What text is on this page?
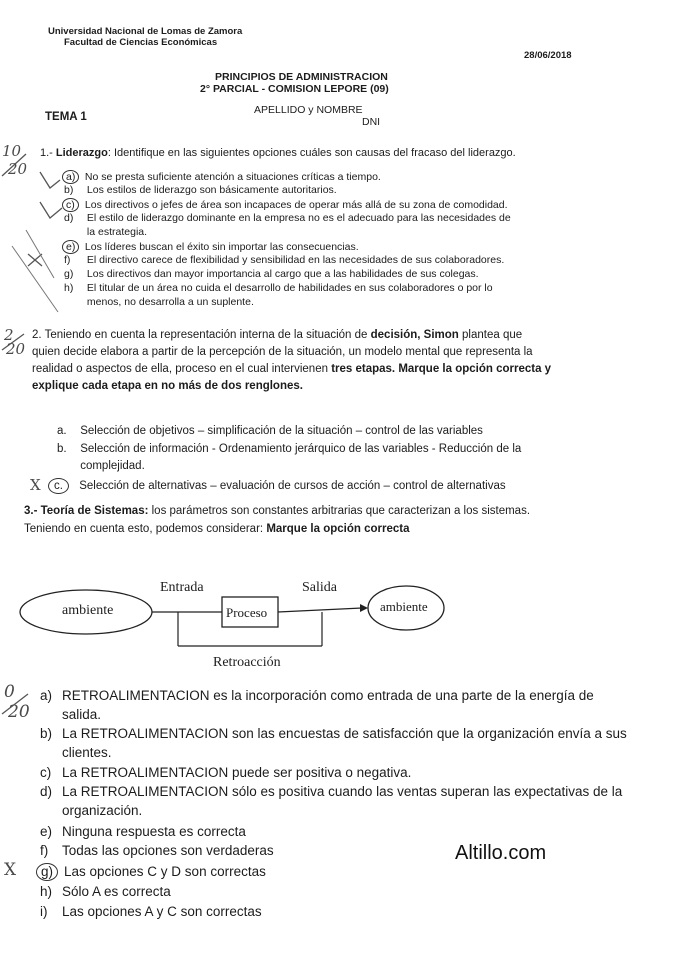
Universidad Nacional de Lomas de Zamora
Facultad de Ciencias Económicas
28/06/2018
PRINCIPIOS DE ADMINISTRACION
2° PARCIAL - COMISION LEPORE (09)
TEMA 1
APELLIDO y NOMBRE
DNI
10
20
1.- Liderazgo: Identifique en las siguientes opciones cuáles son causas del fracaso del liderazgo.
a) No se presta suficiente atención a situaciones críticas a tiempo.
b) Los estilos de liderazgo son básicamente autoritarios.
c) Los directivos o jefes de área son incapaces de operar más allá de su zona de comodidad.
d) El estilo de liderazgo dominante en la empresa no es el adecuado para las necesidades de
la estrategia.
e) Los líderes buscan el éxito sin importar las consecuencias.
f) El directivo carece de flexibilidad y sensibilidad en las necesidades de sus colaboradores.
g) Los directivos dan mayor importancia al cargo que a las habilidades de sus colegas.
h) El titular de un área no cuida el desarrollo de habilidades en sus colaboradores o por lo
menos, no desarrolla a un suplente.
2
20
2. Teniendo en cuenta la representación interna de la situación de decisión, Simon plantea que
quien decide elabora a partir de la percepción de la situación, un modelo mental que representa la
realidad o aspectos de ella, proceso en el cual intervienen tres etapas. Marque la opción correcta y
explique cada etapa en no más de dos renglones.
a. Selección de objetivos – simplificación de la situación – control de las variables
b. Selección de información - Ordenamiento jerárquico de las variables - Reducción de la
complejidad.
X	c. Selección de alternativas – evaluación de cursos de acción – control de alternativas
3.- Teoría de Sistemas: los parámetros son constantes arbitrarias que caracterizan a los sistemas.
Teniendo en cuenta esto, podemos considerar: Marque la opción correcta
ambiente
Entrada
Proceso
Salida
ambiente
Retroacción
0
20
a) RETROALIMENTACION es la incorporación como entrada de una parte de la energía de
salida.
b) La RETROALIMENTACION son las encuestas de satisfacción que la organización envía a sus
clientes.
c) La RETROALIMENTACION puede ser positiva o negativa.
d) La RETROALIMENTACION sólo es positiva cuando las ventas superan las expectativas de la
organización.
e) Ninguna respuesta es correcta
f) Todas las opciones son verdaderas
X	g) Las opciones C y D son correctas
h) Sólo A es correcta
i) Las opciones A y C son correctas
Altillo.com
